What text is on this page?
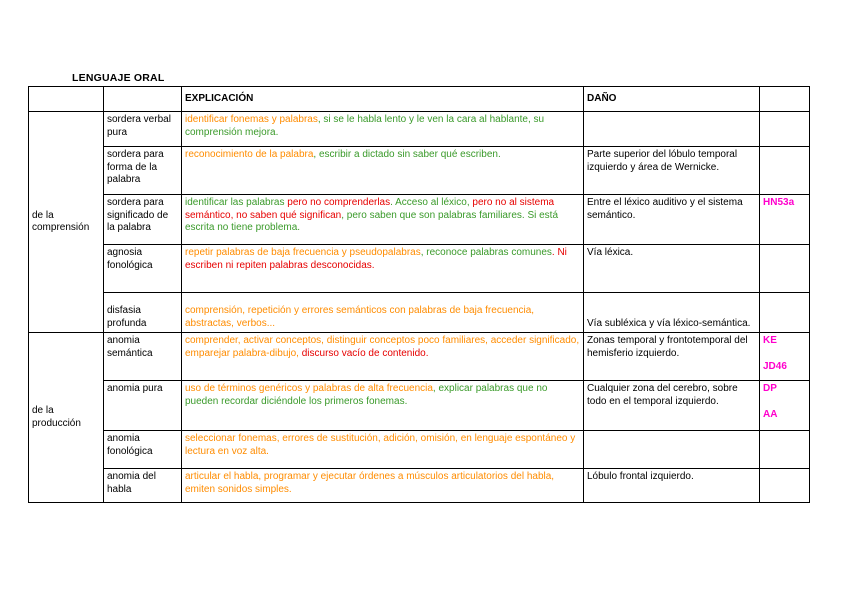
LENGUAJE ORAL
		EXPLICACIÓN	DAÑO	
de la comprensión	sordera verbal pura	identificar fonemas y palabras, si se le habla lento y le ven la cara al hablante, su comprensión mejora.		
	sordera para forma de la palabra	reconocimiento de la palabra, escribir a dictado sin saber qué escriben.	Parte superior del lóbulo temporal izquierdo y área de Wernicke.	
	sordera para significado de la palabra	identificar las palabras pero no comprenderlas. Acceso al léxico, pero no al sistema semántico, no saben qué significan, pero saben que son palabras familiares. Si está escrita no tiene problema.	Entre el léxico auditivo y el sistema semántico.	HN53a

	agnosia fonológica	repetir palabras de baja frecuencia y pseudopalabras, reconoce palabras comunes. Ni escriben ni repiten palabras desconocidas.	Vía léxica.	
	disfasia profunda	comprensión, repetición y errores semánticos con palabras de baja frecuencia, abstractas, verbos...	Vía subléxica y vía léxico-semántica.	
de la producción	anomia semántica	comprender, activar conceptos, distinguir conceptos poco familiares, acceder significado, emparejar palabra-dibujo, discurso vacío de contenido.	Zonas temporal y frontotemporal del hemisferio izquierdo.	KE
JD46

	anomia pura	uso de términos genéricos y palabras de alta frecuencia, explicar palabras que no pueden recordar diciéndole los primeros fonemas.	Cualquier zona del cerebro, sobre todo en el temporal izquierdo.	DP
AA

	anomia fonológica	seleccionar fonemas, errores de sustitución, adición, omisión, en lenguaje espontáneo y lectura en voz alta.		
	anomia del habla	articular el habla, programar y ejecutar órdenes a músculos articulatorios del habla, emiten sonidos simples.	Lóbulo frontal izquierdo.	
